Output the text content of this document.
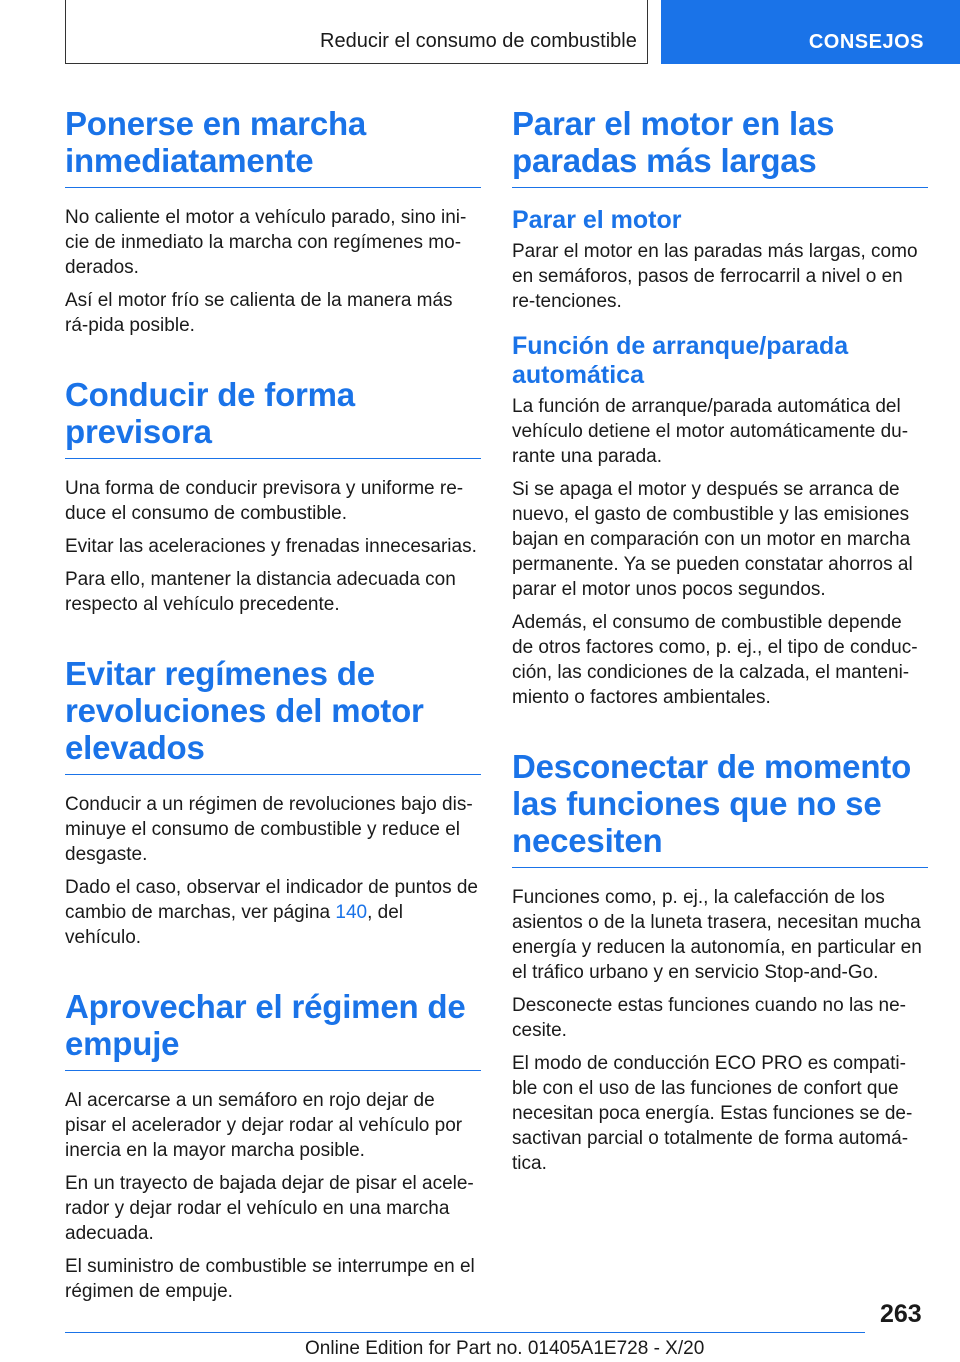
Reducir el consumo de combustible	CONSEJOS
Ponerse en marcha inmediatamente

No caliente el motor a vehículo parado, sino ini-cie de inmediato la marcha con regímenes mo-derados.

Así el motor frío se calienta de la manera más rá-pida posible.

Conducir de forma previsora

Una forma de conducir previsora y uniforme re-duce el consumo de combustible.

Evitar las aceleraciones y frenadas innecesarias.

Para ello, mantener la distancia adecuada con respecto al vehículo precedente.

Evitar regímenes de revoluciones del motor elevados

Conducir a un régimen de revoluciones bajo dis-minuye el consumo de combustible y reduce el desgaste.

Dado el caso, observar el indicador de puntos de cambio de marchas, ver página 140, del vehículo.

Aprovechar el régimen de empuje

Al acercarse a un semáforo en rojo dejar de pisar el acelerador y dejar rodar al vehículo por inercia en la mayor marcha posible.

En un trayecto de bajada dejar de pisar el acele-rador y dejar rodar el vehículo en una marcha adecuada.

El suministro de combustible se interrumpe en el régimen de empuje.

Parar el motor en las paradas más largas
Parar el motor

Parar el motor en las paradas más largas, como en semáforos, pasos de ferrocarril a nivel o en re-tenciones.

Función de arranque/parada automática

La función de arranque/parada automática del vehículo detiene el motor automáticamente du-rante una parada.

Si se apaga el motor y después se arranca de nuevo, el gasto de combustible y las emisiones bajan en comparación con un motor en marcha permanente. Ya se pueden constatar ahorros al parar el motor unos pocos segundos.

Además, el consumo de combustible depende de otros factores como, p. ej., el tipo de conduc-ción, las condiciones de la calzada, el manteni-miento o factores ambientales.

Desconectar de momento las funciones que no se necesiten

Funciones como, p. ej., la calefacción de los asientos o de la luneta trasera, necesitan mucha energía y reducen la autonomía, en particular en el tráfico urbano y en servicio Stop-and-Go.

Desconecte estas funciones cuando no las ne-cesite.

El modo de conducción ECO PRO es compati-ble con el uso de las funciones de confort que necesitan poca energía. Estas funciones se de-sactivan parcial o totalmente de forma automá-tica.

263
Online Edition for Part no. 01405A1E728 - X/20
